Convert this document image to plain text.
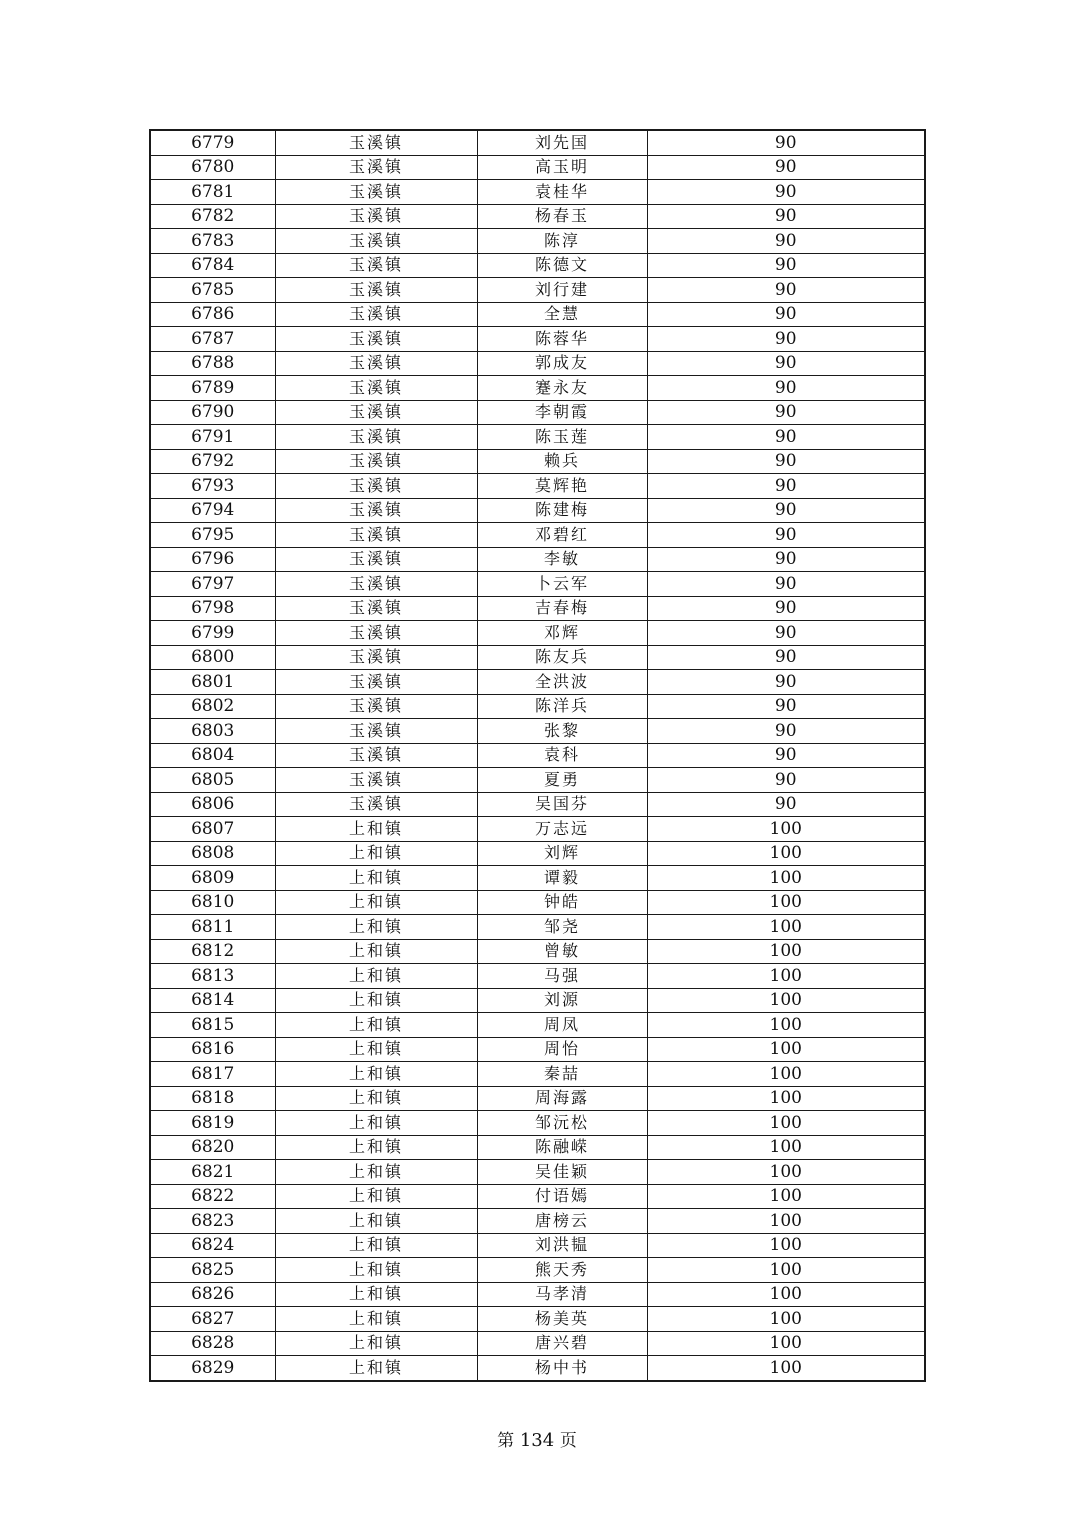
6779	玉溪镇	刘先国	90
6780	玉溪镇	高玉明	90
6781	玉溪镇	袁桂华	90
6782	玉溪镇	杨春玉	90
6783	玉溪镇	陈淳	90
6784	玉溪镇	陈德文	90
6785	玉溪镇	刘行建	90
6786	玉溪镇	全慧	90
6787	玉溪镇	陈蓉华	90
6788	玉溪镇	郭成友	90
6789	玉溪镇	蹇永友	90
6790	玉溪镇	李朝霞	90
6791	玉溪镇	陈玉莲	90
6792	玉溪镇	赖兵	90
6793	玉溪镇	莫辉艳	90
6794	玉溪镇	陈建梅	90
6795	玉溪镇	邓碧红	90
6796	玉溪镇	李敏	90
6797	玉溪镇	卜云军	90
6798	玉溪镇	吉春梅	90
6799	玉溪镇	邓辉	90
6800	玉溪镇	陈友兵	90
6801	玉溪镇	全洪波	90
6802	玉溪镇	陈洋兵	90
6803	玉溪镇	张黎	90
6804	玉溪镇	袁科	90
6805	玉溪镇	夏勇	90
6806	玉溪镇	吴国芬	90
6807	上和镇	万志远	100
6808	上和镇	刘辉	100
6809	上和镇	谭毅	100
6810	上和镇	钟皓	100
6811	上和镇	邹尧	100
6812	上和镇	曾敏	100
6813	上和镇	马强	100
6814	上和镇	刘源	100
6815	上和镇	周凤	100
6816	上和镇	周怡	100
6817	上和镇	秦喆	100
6818	上和镇	周海露	100
6819	上和镇	邹沅松	100
6820	上和镇	陈融嵘	100
6821	上和镇	吴佳颖	100
6822	上和镇	付语嫣	100
6823	上和镇	唐榜云	100
6824	上和镇	刘洪韫	100
6825	上和镇	熊天秀	100
6826	上和镇	马孝清	100
6827	上和镇	杨美英	100
6828	上和镇	唐兴碧	100
6829	上和镇	杨中书	100
第 134 页
